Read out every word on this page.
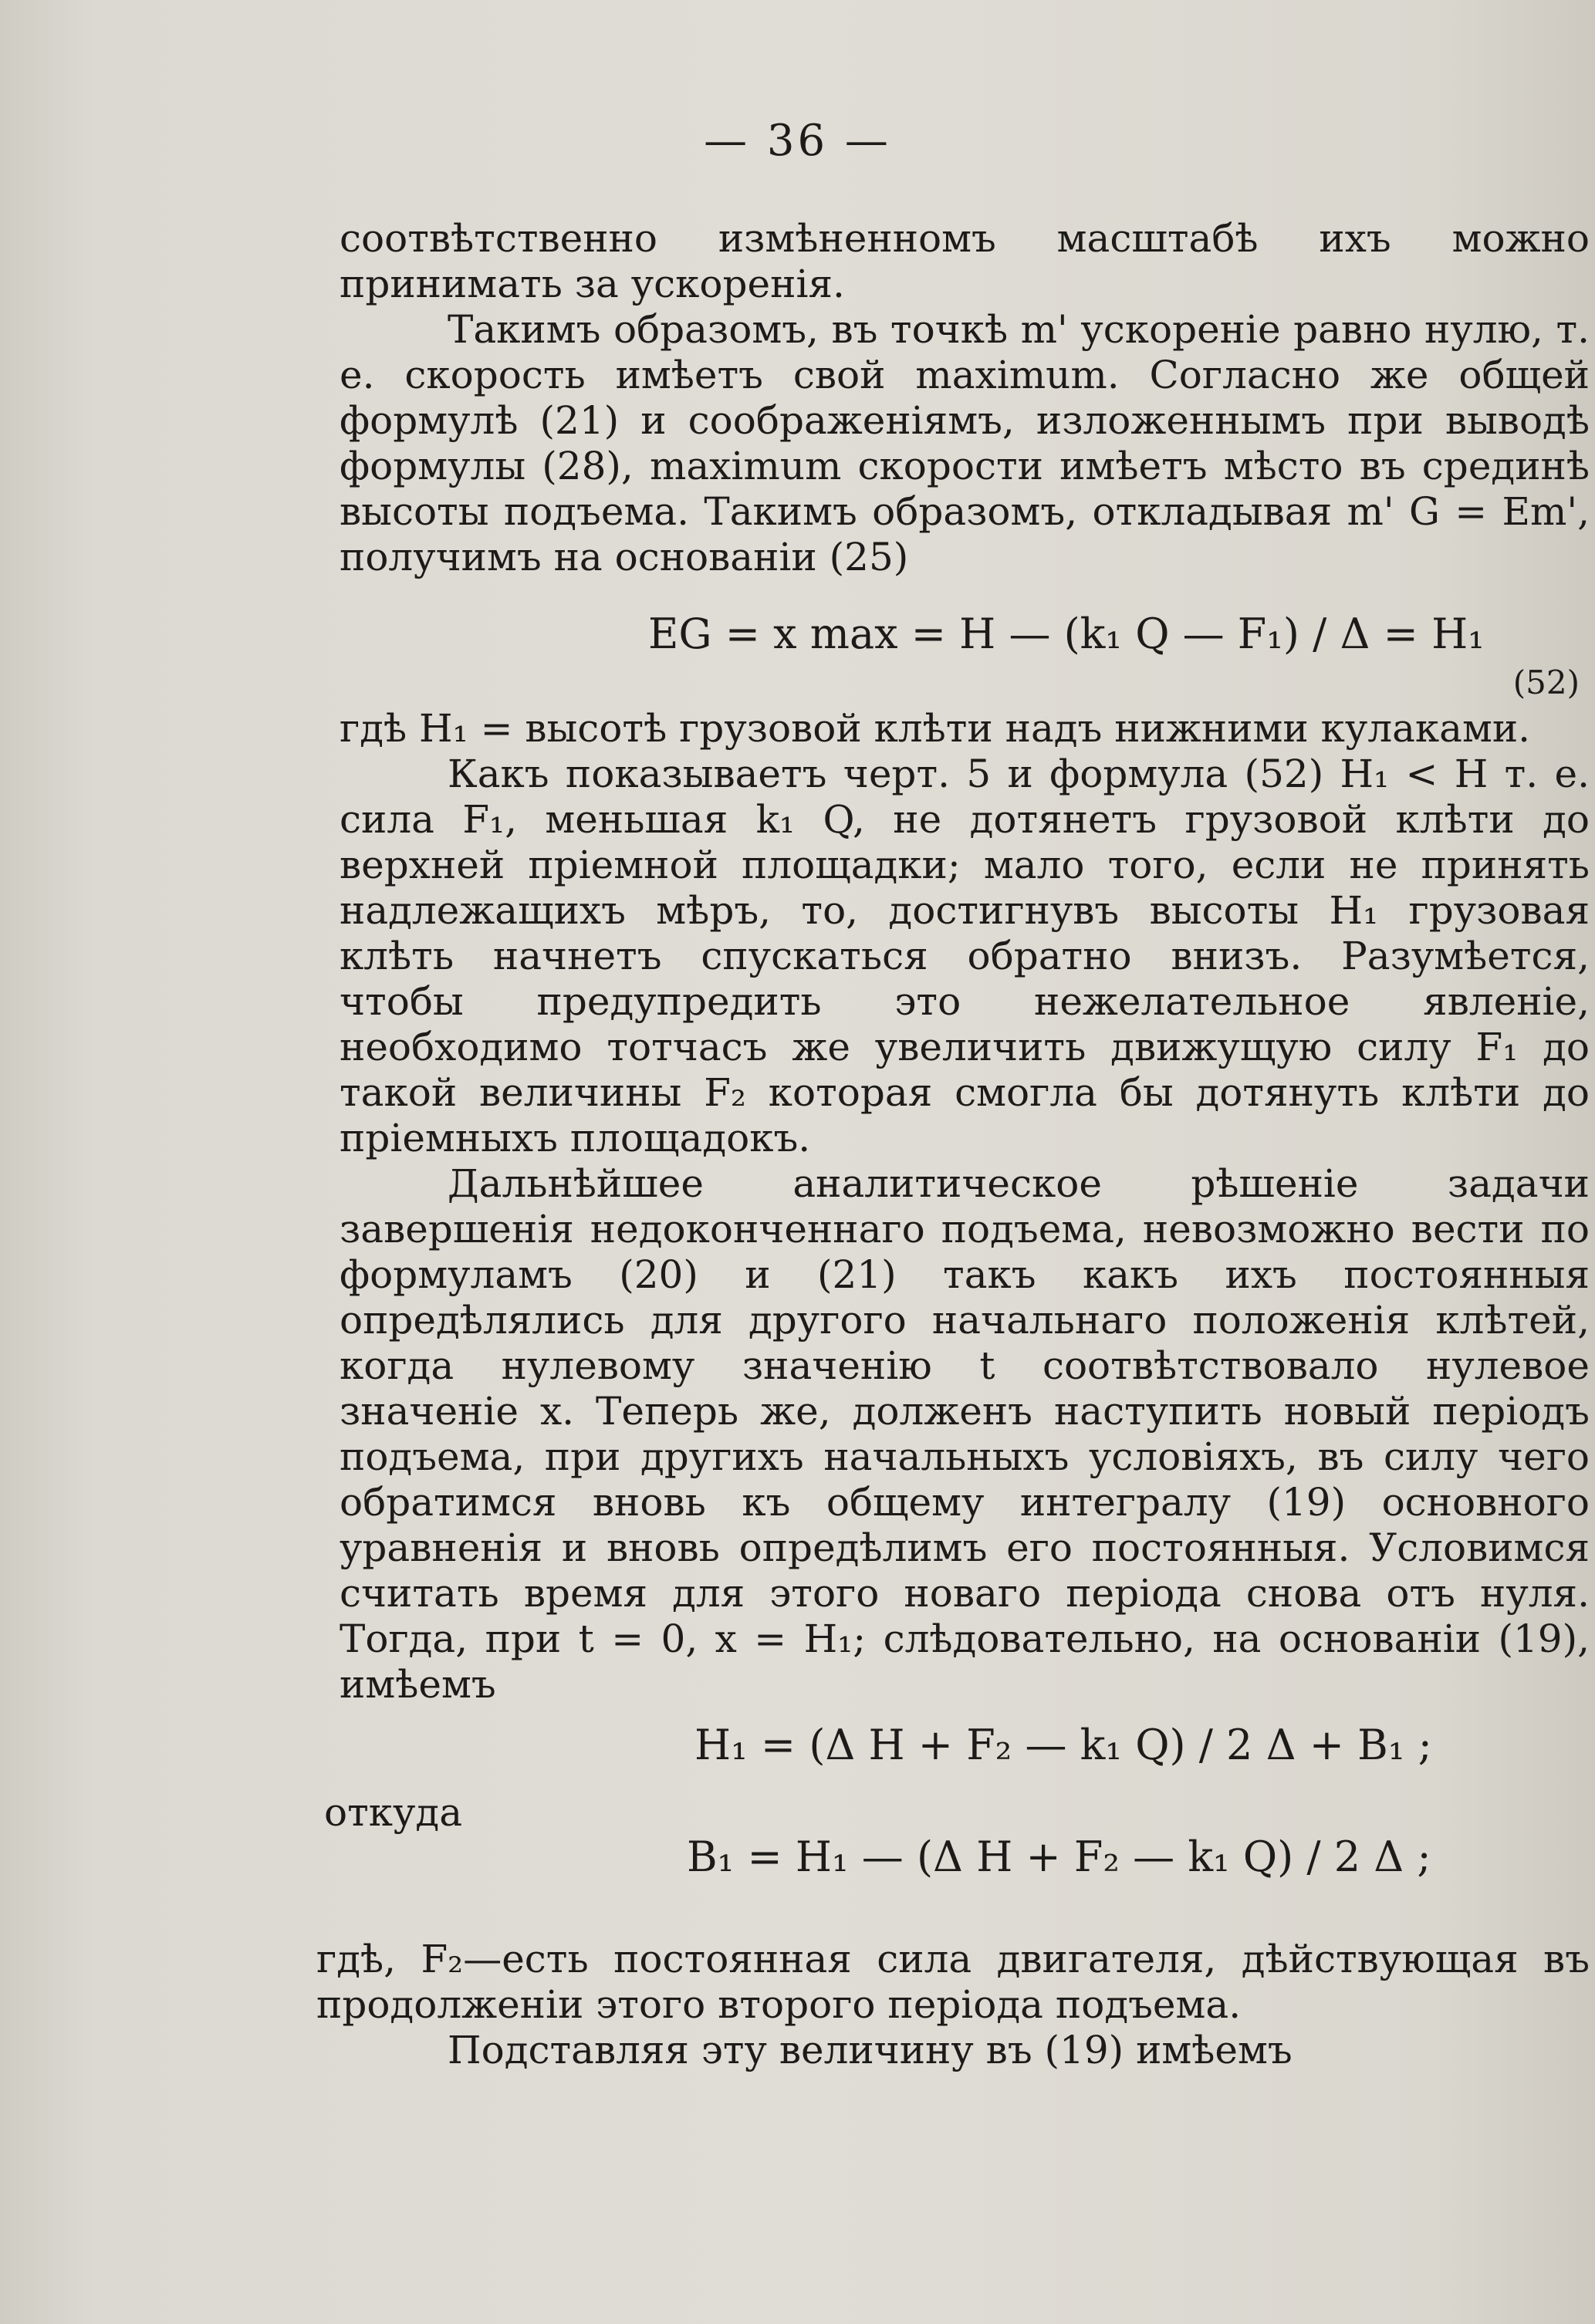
— 36 —

соотвѣтственно измѣненномъ масштабѣ ихъ можно принимать за ускоренія.

Такимъ образомъ, въ точкѣ m' ускореніе равно нулю, т. е. скорость имѣетъ свой maximum. Согласно же общей формулѣ (21) и соображеніямъ, изложеннымъ при выводѣ формулы (28), maximum скорости имѣетъ мѣсто въ срединѣ высоты подъема. Такимъ образомъ, откладывая m' G = Em', получимъ на основаніи (25)

EG = x max = H — (k₁ Q — F₁) / Δ = H₁
(52)

гдѣ H₁ = высотѣ грузовой клѣти надъ нижними кулаками.

Какъ показываетъ черт. 5 и формула (52) H₁ < H т. е. сила F₁, меньшая k₁ Q, не дотянетъ грузовой клѣти до верхней пріемной площадки; мало того, если не принять надлежащихъ мѣръ, то, достигнувъ высоты H₁ грузовая клѣть начнетъ спускаться обратно внизъ. Разумѣется, чтобы предупредить это нежелательное явленіе, необходимо тотчасъ же увеличить движущую силу F₁ до такой величины F₂ которая смогла бы дотянуть клѣти до пріемныхъ площадокъ.

Дальнѣйшее аналитическое рѣшеніе задачи завершенія недоконченнаго подъема, невозможно вести по формуламъ (20) и (21) такъ какъ ихъ постоянныя опредѣлялись для другого начальнаго положенія клѣтей, когда нулевому значенію t соотвѣтствовало нулевое значеніе x. Теперь же, долженъ наступить новый періодъ подъема, при другихъ начальныхъ условіяхъ, въ силу чего обратимся вновь къ общему интегралу (19) основного уравненія и вновь опредѣлимъ его постоянныя. Условимся считать время для этого новаго періода снова отъ нуля. Тогда, при t = 0, x = H₁; слѣдовательно, на основаніи (19), имѣемъ

H₁ = (Δ H + F₂ — k₁ Q) / 2 Δ + B₁ ;

откуда

B₁ = H₁ — (Δ H + F₂ — k₁ Q) / 2 Δ ;

гдѣ, F₂—есть постоянная сила двигателя, дѣйствующая въ продолженіи этого второго періода подъема.

Подставляя эту величину въ (19) имѣемъ
